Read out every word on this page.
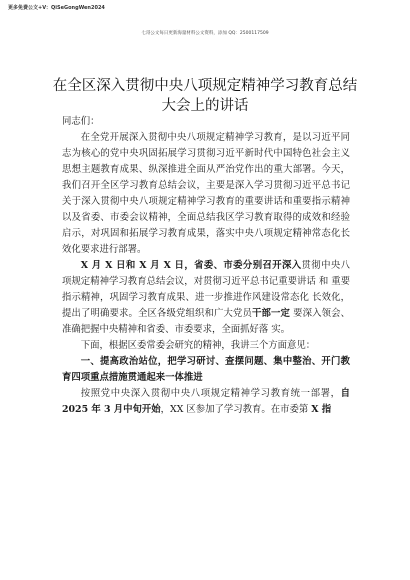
更多免费公文+V：QiSeGongWen2024
七哥公文每日更新海量材料公文资料，添加 QQ：2500117509
在全区深入贯彻中央八项规定精神学习教育总结大会上的讲话

同志们：

在全党开展深入贯彻中央八项规定精神学习教育，是以习近平同志为核心的党中央巩固拓展学习贯彻习近平新时代中国特色社会主义思想主题教育成果、纵深推进全面从严治党作出的重大部署。今天，我们召开全区学习教育总结会议，主要是深入学习贯彻习近平总书记关于深入贯彻中央八项规定精神学习教育的重要讲话和重要指示精神以及省委、市委会议精神，全面总结我区学习教育取得的成效和经验启示，对巩固和拓展学习教育成果，落实中央八项规定精神常态化长效化要求进行部署。

X 月 X 日和 X 月 X 日，省委、市委分别召开深入贯彻中央八 项规定精神学习教育总结会议，对贯彻习近平总书记重要讲话 和 重要指示精神，巩固学习教育成果、进一步推进作风建设常态化 长效化，提出了明确要求。全区各级党组织和广大党员干部一定 要深入领会、准确把握中央精神和省委、市委要求，全面抓好落 实。

下面，根据区委常委会研究的精神，我讲三个方面意见：

一、提高政治站位，把学习研讨、查摆问题、集中整治、开门教育四项重点措施贯通起来一体推进

按照党中央深入贯彻中央八项规定精神学习教育统一部署，自 2025 年 3 月中旬开始，XX 区参加了学习教育。在市委第 X 指
